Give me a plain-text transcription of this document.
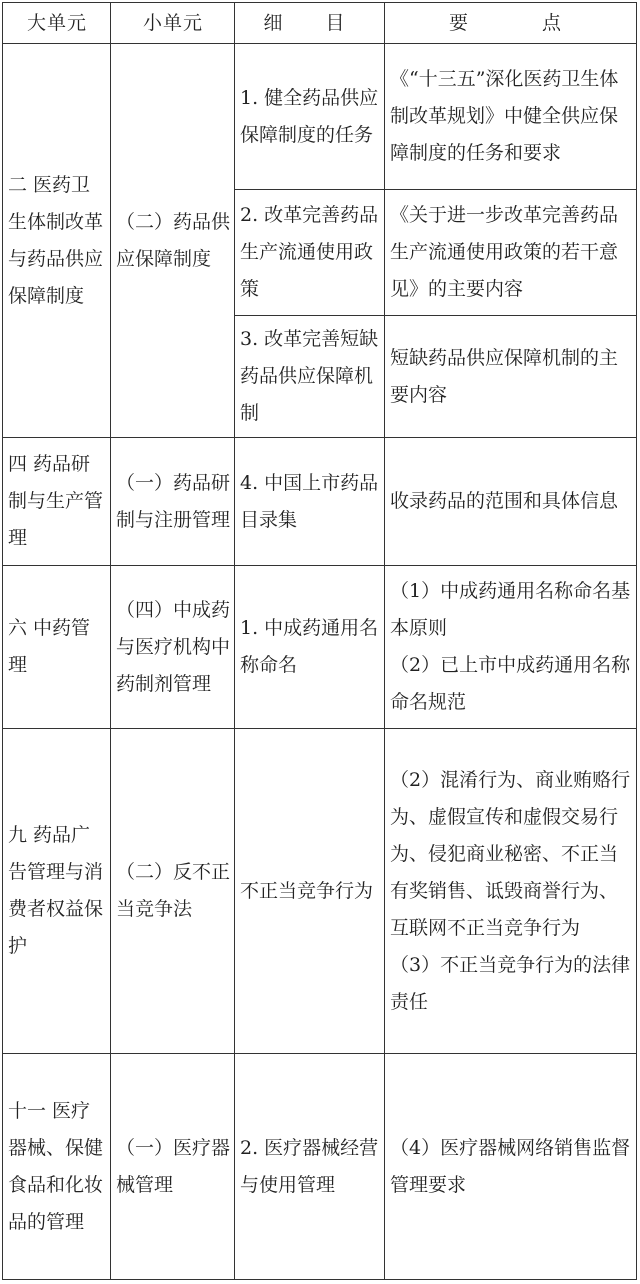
大单元	小单元	细　目	要　　点
二 医药卫生体制改革与药品供应保障制度	（二）药品供应保障制度	1. 健全药品供应保障制度的任务	《“十三五”深化医药卫生体制改革规划》中健全供应保障制度的任务和要求
		2. 改革完善药品生产流通使用政策	《关于进一步改革完善药品生产流通使用政策的若干意见》的主要内容
		3. 改革完善短缺药品供应保障机制	短缺药品供应保障机制的主要内容
四 药品研制与生产管理	（一）药品研制与注册管理	4. 中国上市药品目录集	收录药品的范围和具体信息
六 中药管理	（四）中成药与医疗机构中药制剂管理	1. 中成药通用名称命名	（1）中成药通用名称命名基本原则
（2）已上市中成药通用名称命名规范

九 药品广告管理与消费者权益保护	（二）反不正当竞争法	不正当竞争行为	（2）混淆行为、商业贿赂行为、虚假宣传和虚假交易行为、侵犯商业秘密、不正当有奖销售、诋毁商誉行为、互联网不正当竞争行为
（3）不正当竞争行为的法律责任

十一 医疗器械、保健食品和化妆品的管理	（一）医疗器械管理	2. 医疗器械经营与使用管理	（4）医疗器械网络销售监督管理要求
